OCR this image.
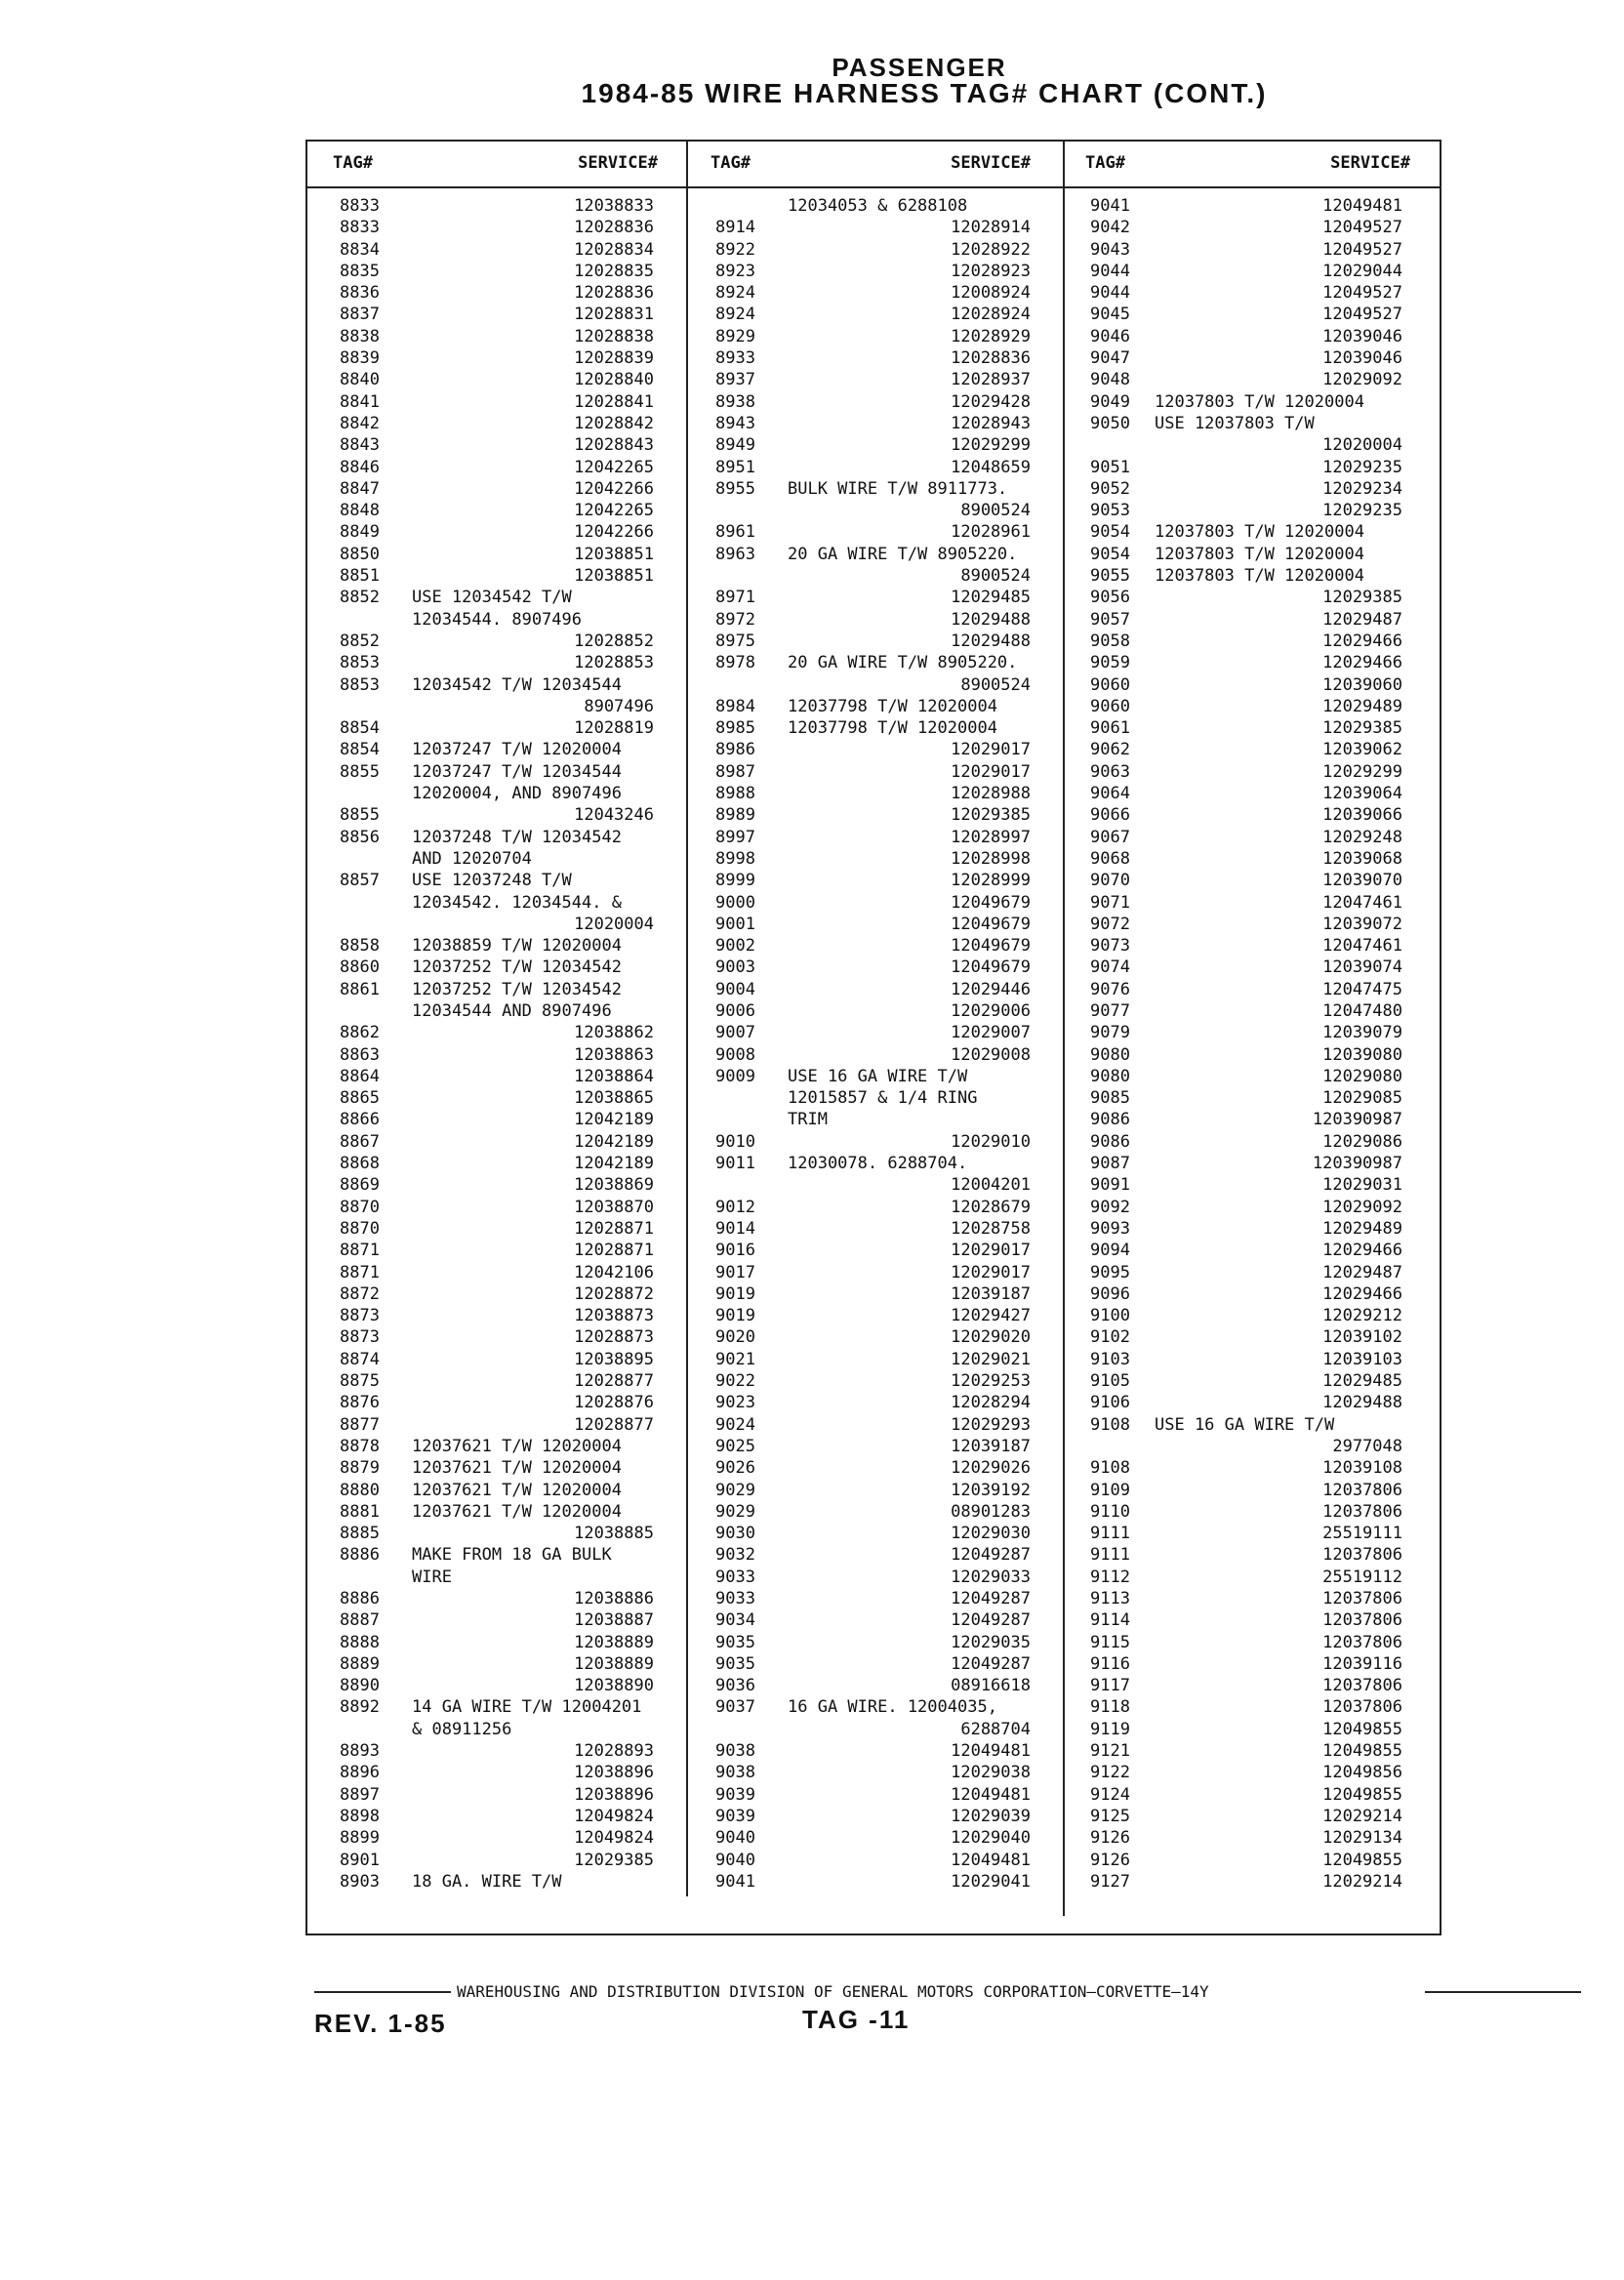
PASSENGER
1984-85 WIRE HARNESS TAG# CHART (CONT.)
TAG#	SERVICE#	TAG#	SERVICE#	TAG#	SERVICE#
8833	12038833
8833	12028836
8834	12028834
8835	12028835
8836	12028836
8837	12028831
8838	12028838
8839	12028839
8840	12028840
8841	12028841
8842	12028842
8843	12028843
8846	12042265
8847	12042266
8848	12042265
8849	12042266
8850	12038851
8851	12038851
8852 USE 12034542 T/W
12034544. 8907496
8852	12028852
8853	12028853
8853 12034542 T/W 12034544
8907496
8854	12028819
8854 12037247 T/W 12020004
8855 12037247 T/W 12034544
12020004, AND 8907496
8855	12043246
8856 12037248 T/W 12034542
AND 12020704
8857 USE 12037248 T/W
12034542. 12034544. &
12020004
8858 12038859 T/W 12020004
8860 12037252 T/W 12034542
8861 12037252 T/W 12034542
12034544 AND 8907496
8862	12038862
8863	12038863
8864	12038864
8865	12038865
8866	12042189
8867	12042189
8868	12042189
8869	12038869
8870	12038870
8870	12028871
8871	12028871
8871	12042106
8872	12028872
8873	12038873
8873	12028873
8874	12038895
8875	12028877
8876	12028876
8877	12028877
8878 12037621 T/W 12020004
8879 12037621 T/W 12020004
8880 12037621 T/W 12020004
8881 12037621 T/W 12020004
8885	12038885
8886 MAKE FROM 18 GA BULK
WIRE
8886	12038886
8887	12038887
8888	12038889
8889	12038889
8890	12038890
8892 14 GA WIRE T/W 12004201
& 08911256
8893	12028893
8896	12038896
8897	12038896
8898	12049824
8899	12049824
8901	12029385
8903 18 GA. WIRE T/W
12034053 & 6288108
8914	12028914
8922	12028922
8923	12028923
8924	12008924
8924	12028924
8929	12028929
8933	12028836
8937	12028937
8938	12029428
8943	12028943
8949	12029299
8951	12048659
8955 BULK WIRE T/W 8911773.
8900524
8961	12028961
8963 20 GA WIRE T/W 8905220.
8900524
8971	12029485
8972	12029488
8975	12029488
8978 20 GA WIRE T/W 8905220.
8900524
8984 12037798 T/W 12020004
8985 12037798 T/W 12020004
8986	12029017
8987	12029017
8988	12028988
8989	12029385
8997	12028997
8998	12028998
8999	12028999
9000	12049679
9001	12049679
9002	12049679
9003	12049679
9004	12029446
9006	12029006
9007	12029007
9008	12029008
9009 USE 16 GA WIRE T/W
12015857 & 1/4 RING
TRIM
9010	12029010
9011 12030078. 6288704.
12004201
9012	12028679
9014	12028758
9016	12029017
9017	12029017
9019	12039187
9019	12029427
9020	12029020
9021	12029021
9022	12029253
9023	12028294
9024	12029293
9025	12039187
9026	12029026
9029	12039192
9029	08901283
9030	12029030
9032	12049287
9033	12029033
9033	12049287
9034	12049287
9035	12029035
9035	12049287
9036	08916618
9037 16 GA WIRE. 12004035,
6288704
9038	12049481
9038	12029038
9039	12049481
9039	12029039
9040	12029040
9040	12049481
9041	12029041
9041	12049481
9042	12049527
9043	12049527
9044	12029044
9044	12049527
9045	12049527
9046	12039046
9047	12039046
9048	12029092
9049 12037803 T/W 12020004
9050 USE 12037803 T/W
12020004
9051	12029235
9052	12029234
9053	12029235
9054 12037803 T/W 12020004
9054 12037803 T/W 12020004
9055 12037803 T/W 12020004
9056	12029385
9057	12029487
9058	12029466
9059	12029466
9060	12039060
9060	12029489
9061	12029385
9062	12039062
9063	12029299
9064	12039064
9066	12039066
9067	12029248
9068	12039068
9070	12039070
9071	12047461
9072	12039072
9073	12047461
9074	12039074
9076	12047475
9077	12047480
9079	12039079
9080	12039080
9080	12029080
9085	12029085
9086	120390987
9086	12029086
9087	120390987
9091	12029031
9092	12029092
9093	12029489
9094	12029466
9095	12029487
9096	12029466
9100	12029212
9102	12039102
9103	12039103
9105	12029485
9106	12029488
9108 USE 16 GA WIRE T/W
2977048
9108	12039108
9109	12037806
9110	12037806
9111	25519111
9111	12037806
9112	25519112
9113	12037806
9114	12037806
9115	12037806
9116	12039116
9117	12037806
9118	12037806
9119	12049855
9121	12049855
9122	12049856
9124	12049855
9125	12029214
9126	12029134
9126	12049855
9127	12029214
WAREHOUSING AND DISTRIBUTION DIVISION OF GENERAL MOTORS CORPORATION—CORVETTE—14Y
REV. 1-85	TAG -11
